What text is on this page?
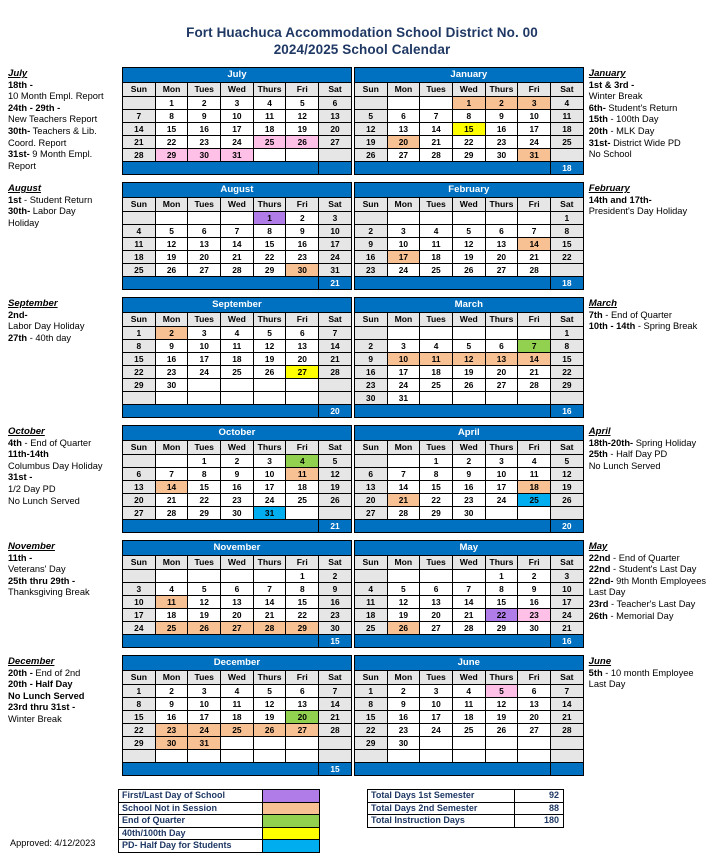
Fort Huachuca Accommodation School District No. 00
2024/2025 School Calendar
July
18th -
10 Month Empl. Report
24th - 29th -
New Teachers Report
30th- Teachers & Lib.
Coord. Report
31st- 9 Month Empl.
Report
July						
Sun	Mon	Tues	Wed	Thurs	Fri	Sat
	1	2	3	4	5	6
7	8	9	10	11	12	13
14	15	16	17	18	19	20
21	22	23	24	25	26	27
28	29	30	31			

January						
Sun	Mon	Tues	Wed	Thurs	Fri	Sat
			1	2	3	4
5	6	7	8	9	10	11
12	13	14	15	16	17	18
19	20	21	22	23	24	25
26	27	28	29	30	31	
						18
January
1st & 3rd -
Winter Break
6th- Student's Return
15th - 100th Day
20th - MLK Day
31st- District Wide PD
No School
August
1st - Student Return
30th- Labor Day
Holiday
August						
Sun	Mon	Tues	Wed	Thurs	Fri	Sat
				1	2	3
4	5	6	7	8	9	10
11	12	13	14	15	16	17
18	19	20	21	22	23	24
25	26	27	28	29	30	31
						21
February						
Sun	Mon	Tues	Wed	Thurs	Fri	Sat
						1
2	3	4	5	6	7	8
9	10	11	12	13	14	15
16	17	18	19	20	21	22
23	24	25	26	27	28	
						18
February
14th and 17th-
President's Day Holiday
September
2nd-
Labor Day Holiday
27th - 40th day
September						
Sun	Mon	Tues	Wed	Thurs	Fri	Sat
1	2	3	4	5	6	7
8	9	10	11	12	13	14
15	16	17	18	19	20	21
22	23	24	25	26	27	28
29	30					

						20
March						
Sun	Mon	Tues	Wed	Thurs	Fri	Sat
						1
2	3	4	5	6	7	8
9	10	11	12	13	14	15
16	17	18	19	20	21	22
23	24	25	26	27	28	29
30	31					
						16
March
7th - End of Quarter
10th - 14th - Spring Break
October
4th - End of Quarter
11th-14th
Columbus Day Holiday
31st -
1/2 Day PD
No Lunch Served
October						
Sun	Mon	Tues	Wed	Thurs	Fri	Sat
		1	2	3	4	5
6	7	8	9	10	11	12
13	14	15	16	17	18	19
20	21	22	23	24	25	26
27	28	29	30	31		
						21
April						
Sun	Mon	Tues	Wed	Thurs	Fri	Sat
		1	2	3	4	5
6	7	8	9	10	11	12
13	14	15	16	17	18	19
20	21	22	23	24	25	26
27	28	29	30			
						20
April
18th-20th- Spring Holiday
25th - Half Day PD
No Lunch Served
November
11th -
Veterans' Day
25th thru 29th -
Thanksgiving Break
November						
Sun	Mon	Tues	Wed	Thurs	Fri	Sat
					1	2
3	4	5	6	7	8	9
10	11	12	13	14	15	16
17	18	19	20	21	22	23
24	25	26	27	28	29	30
						15
May						
Sun	Mon	Tues	Wed	Thurs	Fri	Sat
				1	2	3
4	5	6	7	8	9	10
11	12	13	14	15	16	17
18	19	20	21	22	23	24
25	26	27	28	29	30	21
						16
May
22nd - End of Quarter
22nd - Student's Last Day
22nd- 9th Month Employees
Last Day
23rd - Teacher's Last Day
26th - Memorial Day
December
20th - End of 2nd
20th - Half Day
No Lunch Served
23rd thru 31st -
Winter Break
December						
Sun	Mon	Tues	Wed	Thurs	Fri	Sat
1	2	3	4	5	6	7
8	9	10	11	12	13	14
15	16	17	18	19	20	21
22	23	24	25	26	27	28
29	30	31				

						15
June						
Sun	Mon	Tues	Wed	Thurs	Fri	Sat
1	2	3	4	5	6	7
8	9	10	11	12	13	14
15	16	17	18	19	20	21
22	23	24	25	26	27	28
29	30					

June
5th - 10 month Employee
Last Day
First/Last Day of School	
School Not in Session	
End of Quarter	
40th/100th Day	
PD- Half Day for Students	
Total Days 1st Semester	92
Total Days 2nd Semester	88
Total Instruction Days	180
Approved: 4/12/2023
